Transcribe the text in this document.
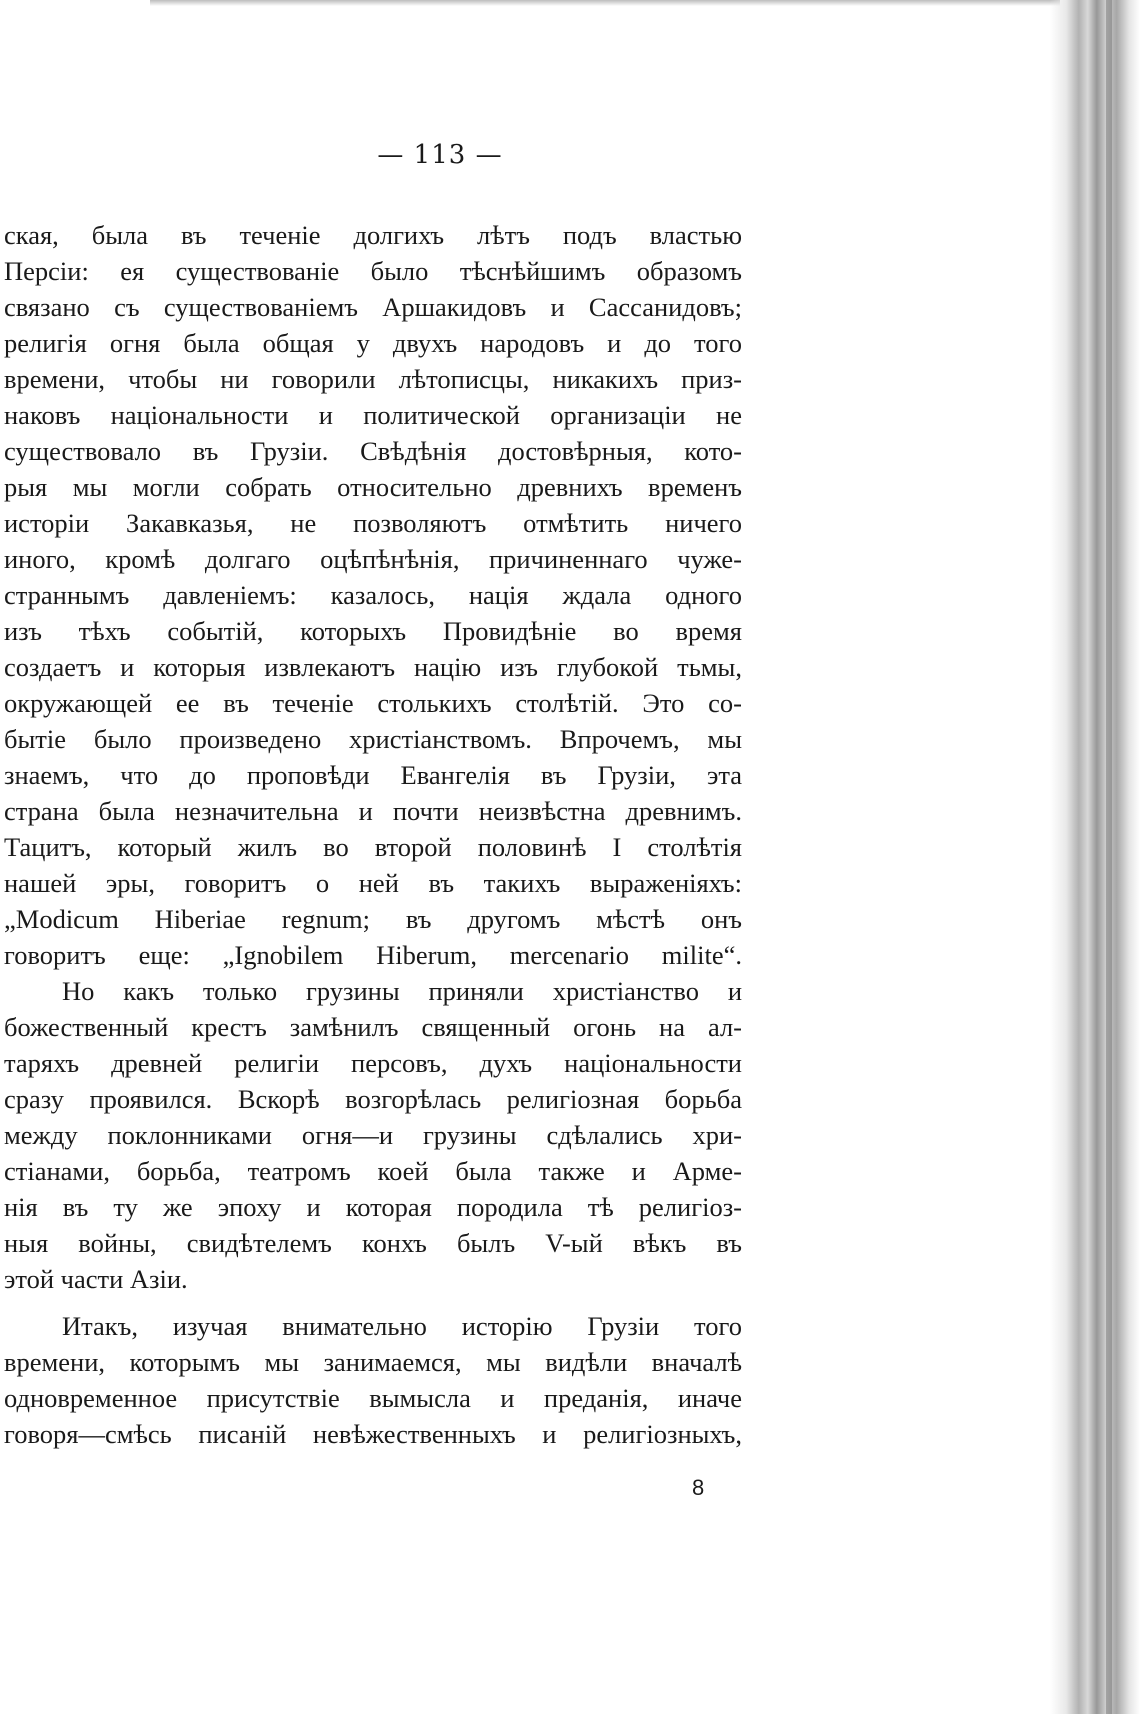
— 113 —
ская, была въ теченіе долгихъ лѣтъ подъ властью
Персіи: ея существованіе было тѣснѣйшимъ образомъ
связано съ существованіемъ Аршакидовъ и Сассанидовъ;
религія огня была общая у двухъ народовъ и до того
времени, чтобы ни говорили лѣтописцы, никакихъ приз-
наковъ національности и политической организаціи не
существовало въ Грузіи. Свѣдѣнія достовѣрныя, кото-
рыя мы могли собрать относительно древнихъ временъ
исторіи Закавказья, не позволяютъ отмѣтить ничего
иного, кромѣ долгаго оцѣпѣнѣнія, причиненнаго чуже-
страннымъ давленіемъ: казалось, нація ждала одного
изъ тѣхъ событій, которыхъ Провидѣніе во время
создаетъ и которыя извлекаютъ націю изъ глубокой тьмы,
окружающей ее въ теченіе столькихъ столѣтій. Это со-
бытіе было произведено христіанствомъ. Впрочемъ, мы
знаемъ, что до проповѣди Евангелія въ Грузіи, эта
страна была незначительна и почти неизвѣстна древнимъ.
Тацитъ, который жилъ во второй половинѣ I столѣтія
нашей эры, говоритъ о ней въ такихъ выраженіяхъ:
„Modicum Hiberiae regnum; въ другомъ мѣстѣ онъ
говоритъ еще: „Ignobilem Hiberum, mercenario milite“.
Но какъ только грузины приняли христіанство и
божественный крестъ замѣнилъ священный огонь на ал-
таряхъ древней религіи персовъ, духъ національности
сразу проявился. Вскорѣ возгорѣлась религіозная борьба
между поклонниками огня—и грузины сдѣлались хри-
стіанами, борьба, театромъ коей была также и Арме-
нія въ ту же эпоху и которая породила тѣ религіоз-
ныя войны, свидѣтелемъ конхъ былъ V-ый вѣкъ въ
этой части Азіи.
Итакъ, изучая внимательно исторію Грузіи того
времени, которымъ мы занимаемся, мы видѣли вначалѣ
одновременное присутствіе вымысла и преданія, иначе
говоря—смѣсь писаній невѣжественныхъ и религіозныхъ,
8
